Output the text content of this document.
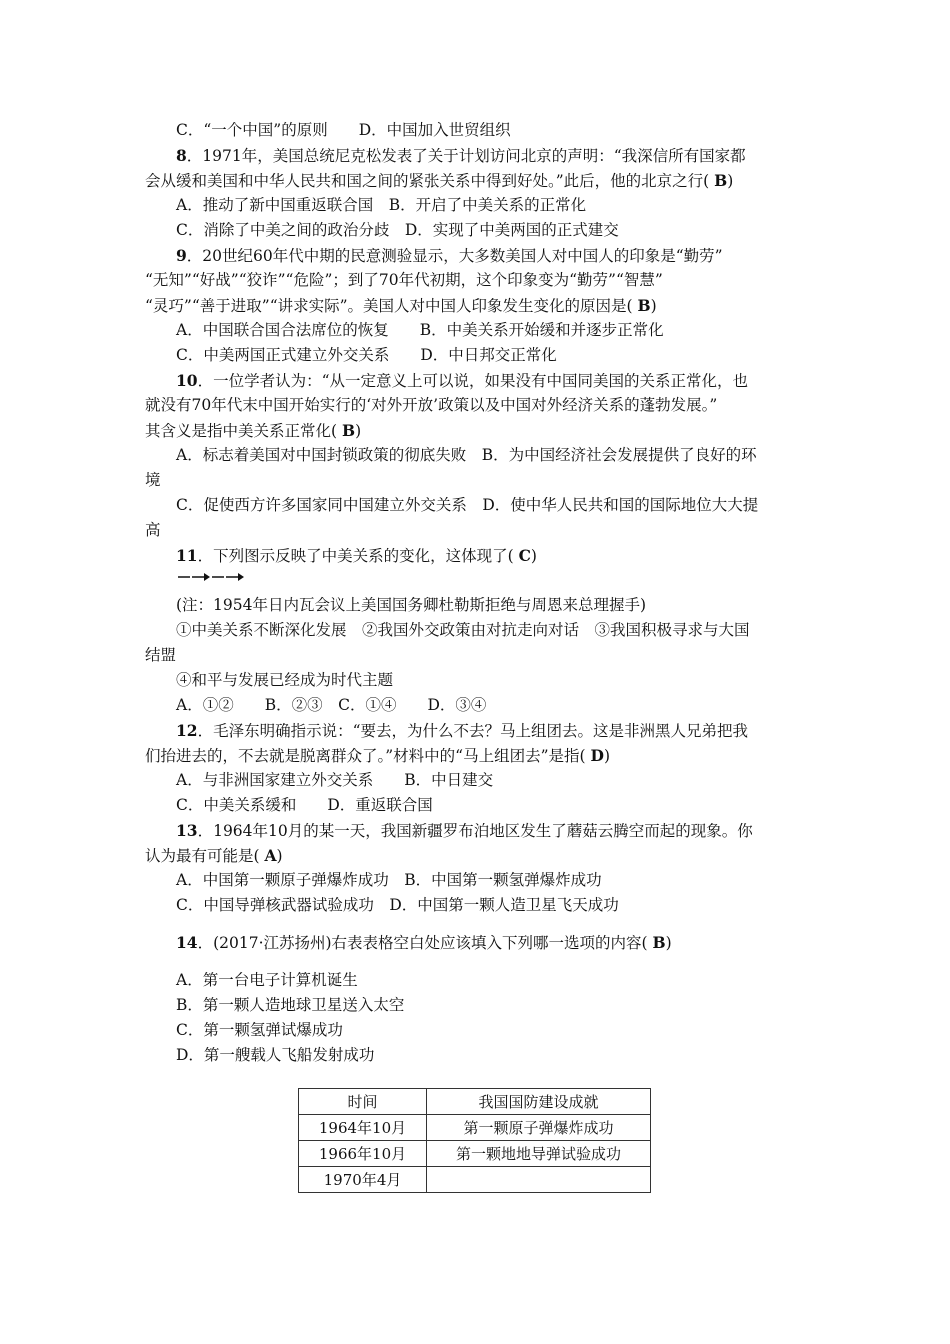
C．“一个中国”的原则　　 D．中国加入世贸组织
8．1971年，美国总统尼克松发表了关于计划访问北京的声明：“我深信所有国家都
会从缓和美国和中华人民共和国之间的紧张关系中得到好处。”此后，他的北京之行( B)
A．推动了新中国重返联合国　B．开启了中美关系的正常化
C．消除了中美之间的政治分歧　D．实现了中美两国的正式建交
9．20世纪60年代中期的民意测验显示，大多数美国人对中国人的印象是“勤劳”
“无知”“好战”“狡诈”“危险”；到了70年代初期，这个印象变为“勤劳”“智慧”
“灵巧”“善于进取”“讲求实际”。美国人对中国人印象发生变化的原因是( B)
A．中国联合国合法席位的恢复　　B．中美关系开始缓和并逐步正常化
C．中美两国正式建立外交关系　　D．中日邦交正常化
10．一位学者认为：“从一定意义上可以说，如果没有中国同美国的关系正常化，也
就没有70年代末中国开始实行的‘对外开放’政策以及中国对外经济关系的蓬勃发展。”
其含义是指中美关系正常化( B)
A．标志着美国对中国封锁政策的彻底失败　B．为中国经济社会发展提供了良好的环
境
C．促使西方许多国家同中国建立外交关系　D．使中华人民共和国的国际地位大大提
高
11．下列图示反映了中美关系的变化，这体现了( C)
(注：1954年日内瓦会议上美国国务卿杜勒斯拒绝与周恩来总理握手)
①中美关系不断深化发展　②我国外交政策由对抗走向对话　③我国积极寻求与大国
结盟
④和平与发展已经成为时代主题
A．①②　　B．②③　C．①④　　D．③④
12．毛泽东明确指示说：“要去，为什么不去？马上组团去。这是非洲黑人兄弟把我
们抬进去的，不去就是脱离群众了。”材料中的“马上组团去”是指( D)
A．与非洲国家建立外交关系　　B．中日建交
C．中美关系缓和　　D．重返联合国
13．1964年10月的某一天，我国新疆罗布泊地区发生了蘑菇云腾空而起的现象。你
认为最有可能是( A)
A．中国第一颗原子弹爆炸成功　B．中国第一颗氢弹爆炸成功
C．中国导弹核武器试验成功　D．中国第一颗人造卫星飞天成功
14．(2017·江苏扬州)右表表格空白处应该填入下列哪一选项的内容( B)
A．第一台电子计算机诞生
B．第一颗人造地球卫星送入太空
C．第一颗氢弹试爆成功
D．第一艘载人飞船发射成功
时间	我国国防建设成就
1964年10月	第一颗原子弹爆炸成功
1966年10月	第一颗地地导弹试验成功
1970年4月	
